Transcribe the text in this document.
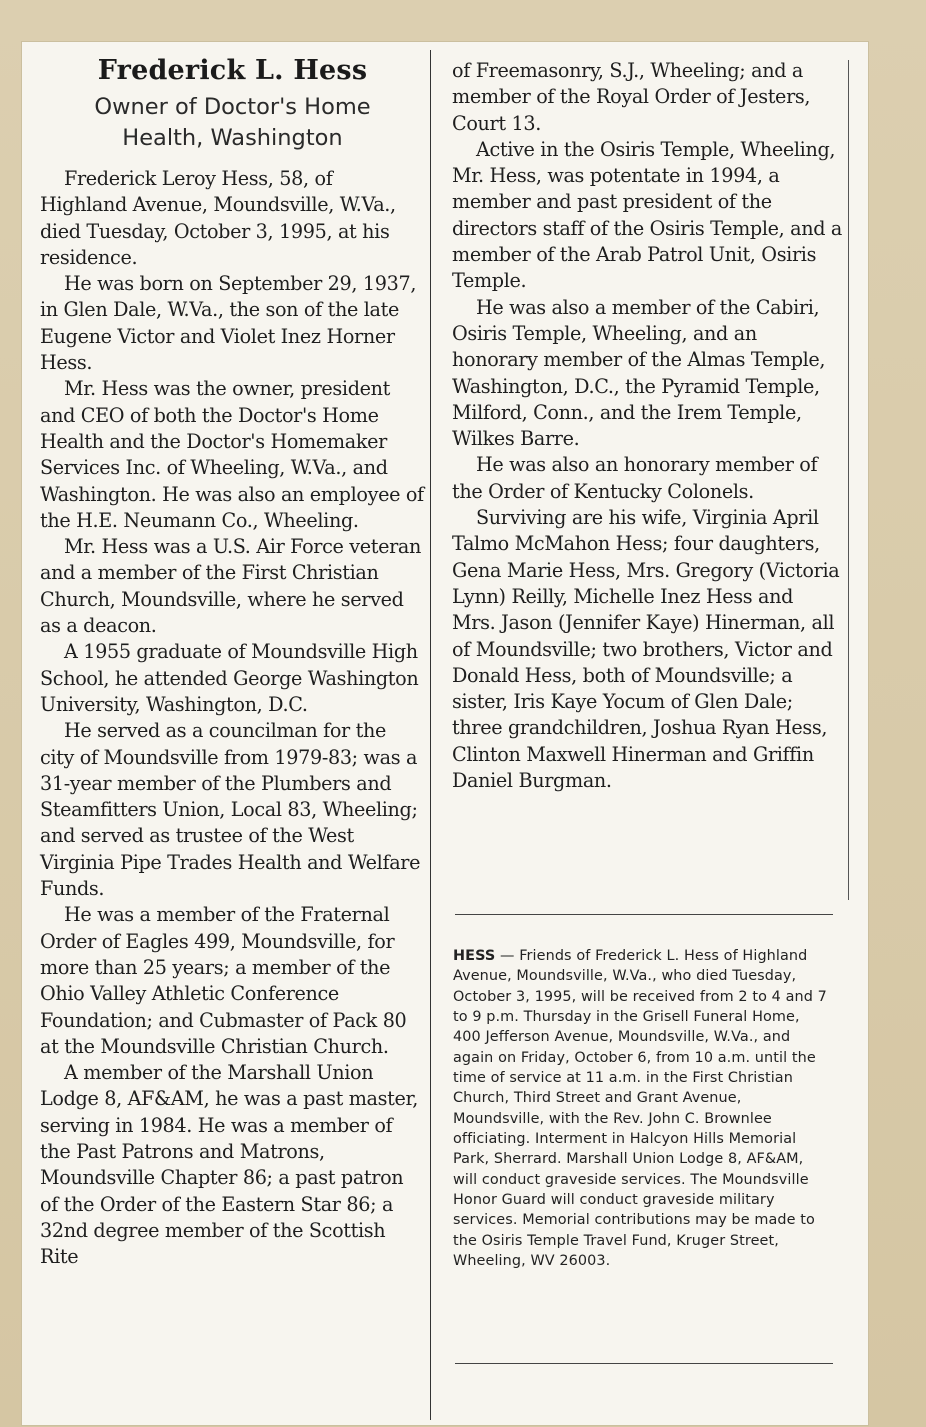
Frederick L. Hess
Owner of Doctor's Home
Health, Washington

Frederick Leroy Hess, 58, of Highland Avenue, Moundsville, W.Va., died Tuesday, October 3, 1995, at his residence.

He was born on September 29, 1937, in Glen Dale, W.Va., the son of the late Eugene Victor and Violet Inez Horner Hess.

Mr. Hess was the owner, president and CEO of both the Doctor's Home Health and the Doctor's Homemaker Services Inc. of Wheeling, W.Va., and Washington. He was also an employee of the H.E. Neumann Co., Wheeling.

Mr. Hess was a U.S. Air Force veteran and a member of the First Christian Church, Moundsville, where he served as a deacon.

A 1955 graduate of Moundsville High School, he attended George Washington University, Washington, D.C.

He served as a councilman for the city of Moundsville from 1979-83; was a 31-year member of the Plumbers and Steamfitters Union, Local 83, Wheeling; and served as trustee of the West Virginia Pipe Trades Health and Welfare Funds.

He was a member of the Fraternal Order of Eagles 499, Moundsville, for more than 25 years; a member of the Ohio Valley Athletic Conference Foundation; and Cubmaster of Pack 80 at the Moundsville Christian Church.

A member of the Marshall Union Lodge 8, AF&AM, he was a past master, serving in 1984. He was a member of the Past Patrons and Matrons, Moundsville Chapter 86; a past patron of the Order of the Eastern Star 86; a 32nd degree member of the Scottish Rite

of Freemasonry, S.J., Wheeling; and a member of the Royal Order of Jesters, Court 13.

Active in the Osiris Temple, Wheeling, Mr. Hess, was potentate in 1994, a member and past president of the directors staff of the Osiris Temple, and a member of the Arab Patrol Unit, Osiris Temple.

He was also a member of the Cabiri, Osiris Temple, Wheeling, and an honorary member of the Almas Temple, Washington, D.C., the Pyramid Temple, Milford, Conn., and the Irem Temple, Wilkes Barre.

He was also an honorary member of the Order of Kentucky Colonels.

Surviving are his wife, Virginia April Talmo McMahon Hess; four daughters, Gena Marie Hess, Mrs. Gregory (Victoria Lynn) Reilly, Michelle Inez Hess and Mrs. Jason (Jennifer Kaye) Hinerman, all of Moundsville; two brothers, Victor and Donald Hess, both of Moundsville; a sister, Iris Kaye Yocum of Glen Dale; three grandchildren, Joshua Ryan Hess, Clinton Maxwell Hinerman and Griffin Daniel Burgman.

HESS — Friends of Frederick L. Hess of Highland Avenue, Moundsville, W.Va., who died Tuesday, October 3, 1995, will be received from 2 to 4 and 7 to 9 p.m. Thursday in the Grisell Funeral Home, 400 Jefferson Avenue, Moundsville, W.Va., and again on Friday, October 6, from 10 a.m. until the time of service at 11 a.m. in the First Christian Church, Third Street and Grant Avenue, Moundsville, with the Rev. John C. Brownlee officiating. Interment in Halcyon Hills Memorial Park, Sherrard. Marshall Union Lodge 8, AF&AM, will conduct graveside services. The Moundsville Honor Guard will conduct graveside military services. Memorial contributions may be made to the Osiris Temple Travel Fund, Kruger Street, Wheeling, WV 26003.
